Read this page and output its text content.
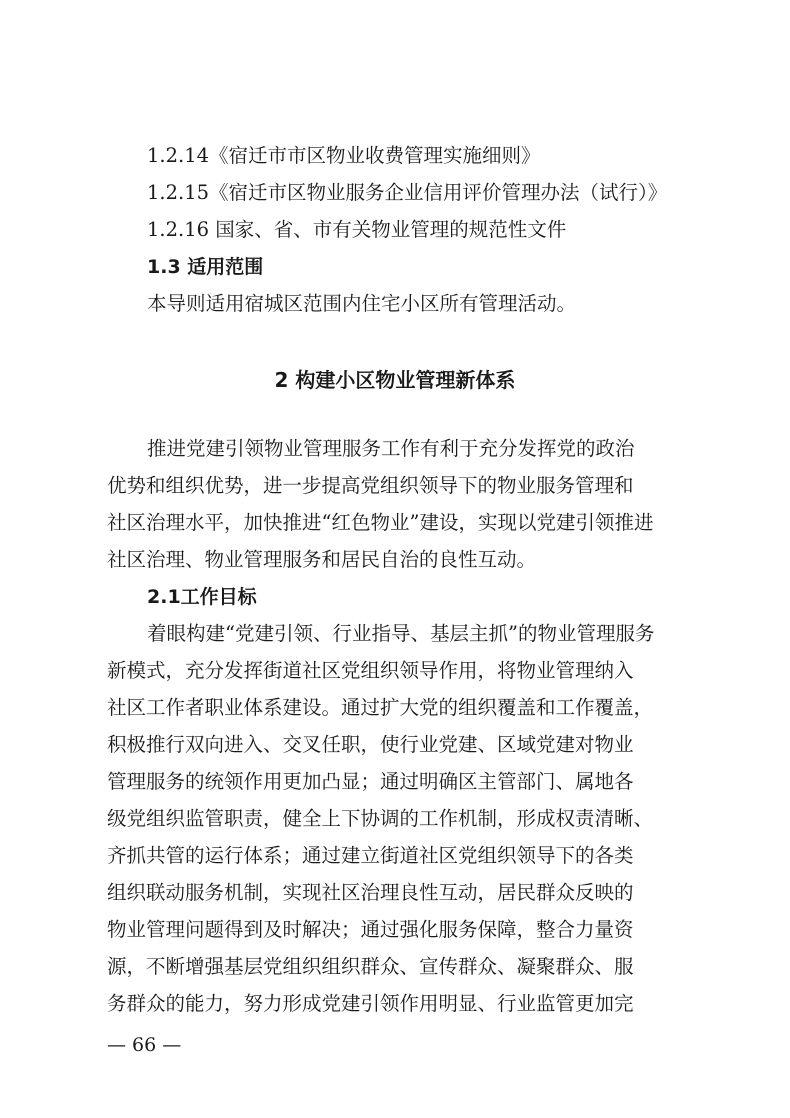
1.2.14《宿迁市市区物业收费管理实施细则》
1.2.15《宿迁市区物业服务企业信用评价管理办法（试行）》
1.2.16 国家、省、市有关物业管理的规范性文件
1.3 适用范围
本导则适用宿城区范围内住宅小区所有管理活动。
2 构建小区物业管理新体系
推进党建引领物业管理服务工作有利于充分发挥党的政治
优势和组织优势，进一步提高党组织领导下的物业服务管理和
社区治理水平，加快推进“红色物业”建设，实现以党建引领推进
社区治理、物业管理服务和居民自治的良性互动。
2.1工作目标
着眼构建“党建引领、行业指导、基层主抓”的物业管理服务
新模式，充分发挥街道社区党组织领导作用，将物业管理纳入
社区工作者职业体系建设。通过扩大党的组织覆盖和工作覆盖，
积极推行双向进入、交叉任职，使行业党建、区域党建对物业
管理服务的统领作用更加凸显；通过明确区主管部门、属地各
级党组织监管职责，健全上下协调的工作机制，形成权责清晰、
齐抓共管的运行体系；通过建立街道社区党组织领导下的各类
组织联动服务机制，实现社区治理良性互动，居民群众反映的
物业管理问题得到及时解决；通过强化服务保障，整合力量资
源，不断增强基层党组织组织群众、宣传群众、凝聚群众、服
务群众的能力，努力形成党建引领作用明显、行业监管更加完
— 66 —
